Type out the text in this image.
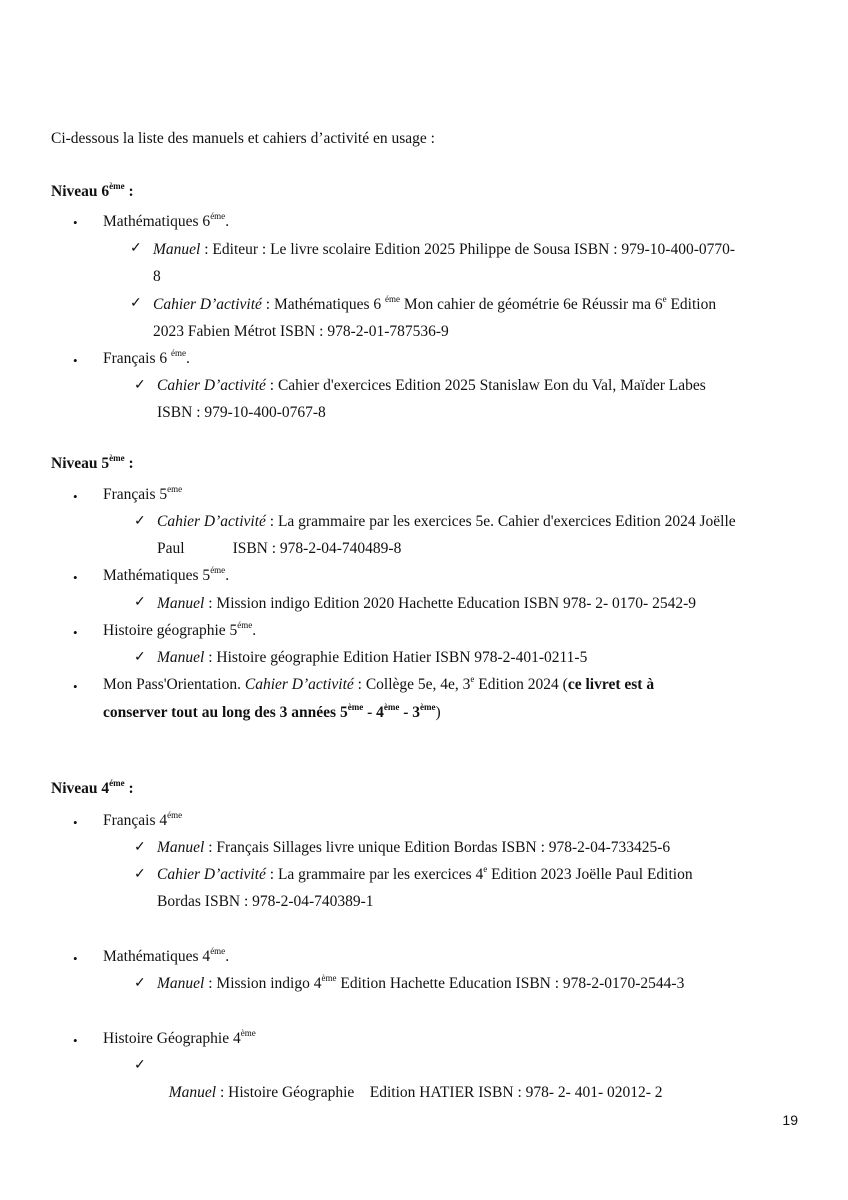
Ci-dessous la liste des manuels et cahiers d’activité en usage :
Niveau 6ème :
• Mathématiques $6^{éme}$.
✓ Manuel : Editeur : Le livre scolaire Edition 2025 Philippe de Sousa ISBN : 979-10-400-0770-
8
✓ Cahier D’activité : Mathématiques 6 $^{éme}$ Mon cahier de géométrie 6e Réussir ma 6e Edition
2023 Fabien Métrot ISBN : 978-2-01-787536-9
• Français 6 $^{éme}$.
✓ Cahier D’activité : Cahier d'exercices Edition 2025 Stanislaw Eon du Val, Maïder Labes
ISBN : 979-10-400-0767-8
Niveau 5ème :
• Français 5eme
✓ Cahier D’activité : La grammaire par les exercices 5e. Cahier d'exercices Edition 2024 Joëlle
Paul	ISBN : 978-2-04-740489-8
• Mathématiques $5^{éme}$.
✓ Manuel : Mission indigo Edition 2020 Hachette Education ISBN 978- 2- 0170- 2542-9
• Histoire géographie $5^{éme}$.
✓ Manuel : Histoire géographie Edition Hatier ISBN 978-2-401-0211-5
• Mon Pass'Orientation. Cahier D’activité : Collège 5e, 4e, 3e Edition 2024 (ce livret est à
conserver tout au long des 3 années 5ème - 4ème - 3ème)
Niveau $4^{éme}$ :
• Français $4^{éme}$
✓ Manuel : Français Sillages livre unique Edition Bordas ISBN : 978-2-04-733425-6
✓ Cahier D’activité : La grammaire par les exercices 4e Edition 2023 Joëlle Paul Edition
Bordas ISBN : 978-2-04-740389-1
• Mathématiques $4^{éme}$.
✓ Manuel : Mission indigo 4ème Edition Hachette Education ISBN : 978-2-0170-2544-3
• Histoire Géographie 4ème
✓

Manuel : Histoire Géographie    Edition HATIER ISBN : 978- 2- 401- 02012- 2

19
